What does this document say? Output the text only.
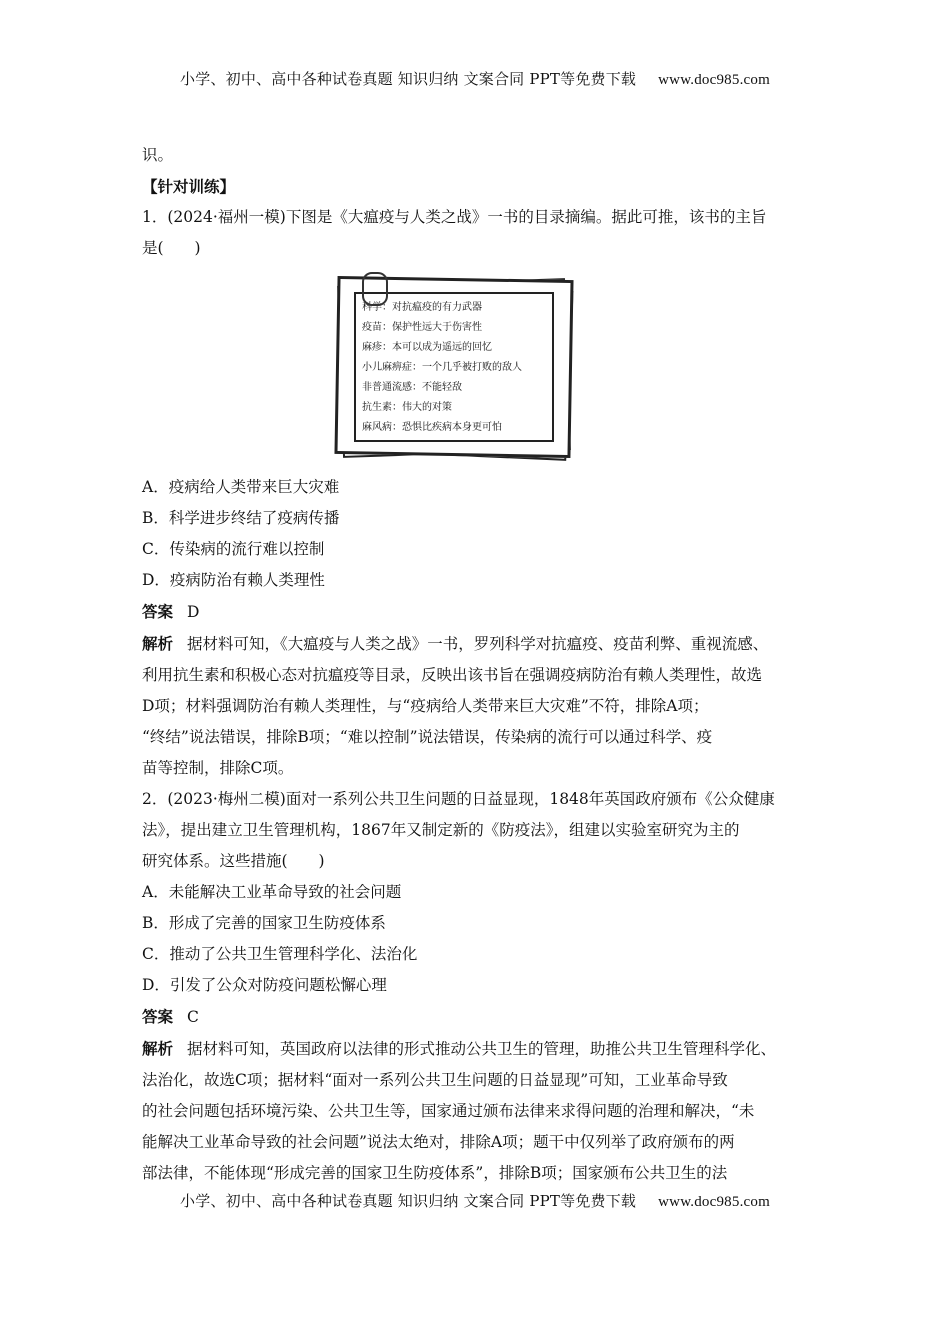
小学、初中、高中各种试卷真题 知识归纳 文案合同 PPT等免费下载 www.doc985.com

识。

【针对训练】

1．(2024·福州一模)下图是《大瘟疫与人类之战》一书的目录摘编。据此可推，该书的主旨

是(　　)

科学：对抗瘟疫的有力武器
疫苗：保护性远大于伤害性
麻疹：本可以成为遥远的回忆
小儿麻痹症：一个几乎被打败的敌人
非普通流感：不能轻敌
抗生素：伟大的对策
麻风病：恐惧比疾病本身更可怕

A．疫病给人类带来巨大灾难

B．科学进步终结了疫病传播

C．传染病的流行难以控制

D．疫病防治有赖人类理性

答案 D

解析 据材料可知，《大瘟疫与人类之战》一书，罗列科学对抗瘟疫、疫苗利弊、重视流感、

利用抗生素和积极心态对抗瘟疫等目录，反映出该书旨在强调疫病防治有赖人类理性，故选

D项；材料强调防治有赖人类理性，与“疫病给人类带来巨大灾难”不符，排除A项；

“终结”说法错误，排除B项；“难以控制”说法错误，传染病的流行可以通过科学、疫

苗等控制，排除C项。

2．(2023·梅州二模)面对一系列公共卫生问题的日益显现，1848年英国政府颁布《公众健康

法》，提出建立卫生管理机构，1867年又制定新的《防疫法》，组建以实验室研究为主的

研究体系。这些措施(　　)

A．未能解决工业革命导致的社会问题

B．形成了完善的国家卫生防疫体系

C．推动了公共卫生管理科学化、法治化

D．引发了公众对防疫问题松懈心理

答案 C

解析 据材料可知，英国政府以法律的形式推动公共卫生的管理，助推公共卫生管理科学化、

法治化，故选C项；据材料“面对一系列公共卫生问题的日益显现”可知，工业革命导致

的社会问题包括环境污染、公共卫生等，国家通过颁布法律来求得问题的治理和解决，“未

能解决工业革命导致的社会问题”说法太绝对，排除A项；题干中仅列举了政府颁布的两

部法律，不能体现“形成完善的国家卫生防疫体系”，排除B项；国家颁布公共卫生的法

小学、初中、高中各种试卷真题 知识归纳 文案合同 PPT等免费下载 www.doc985.com
